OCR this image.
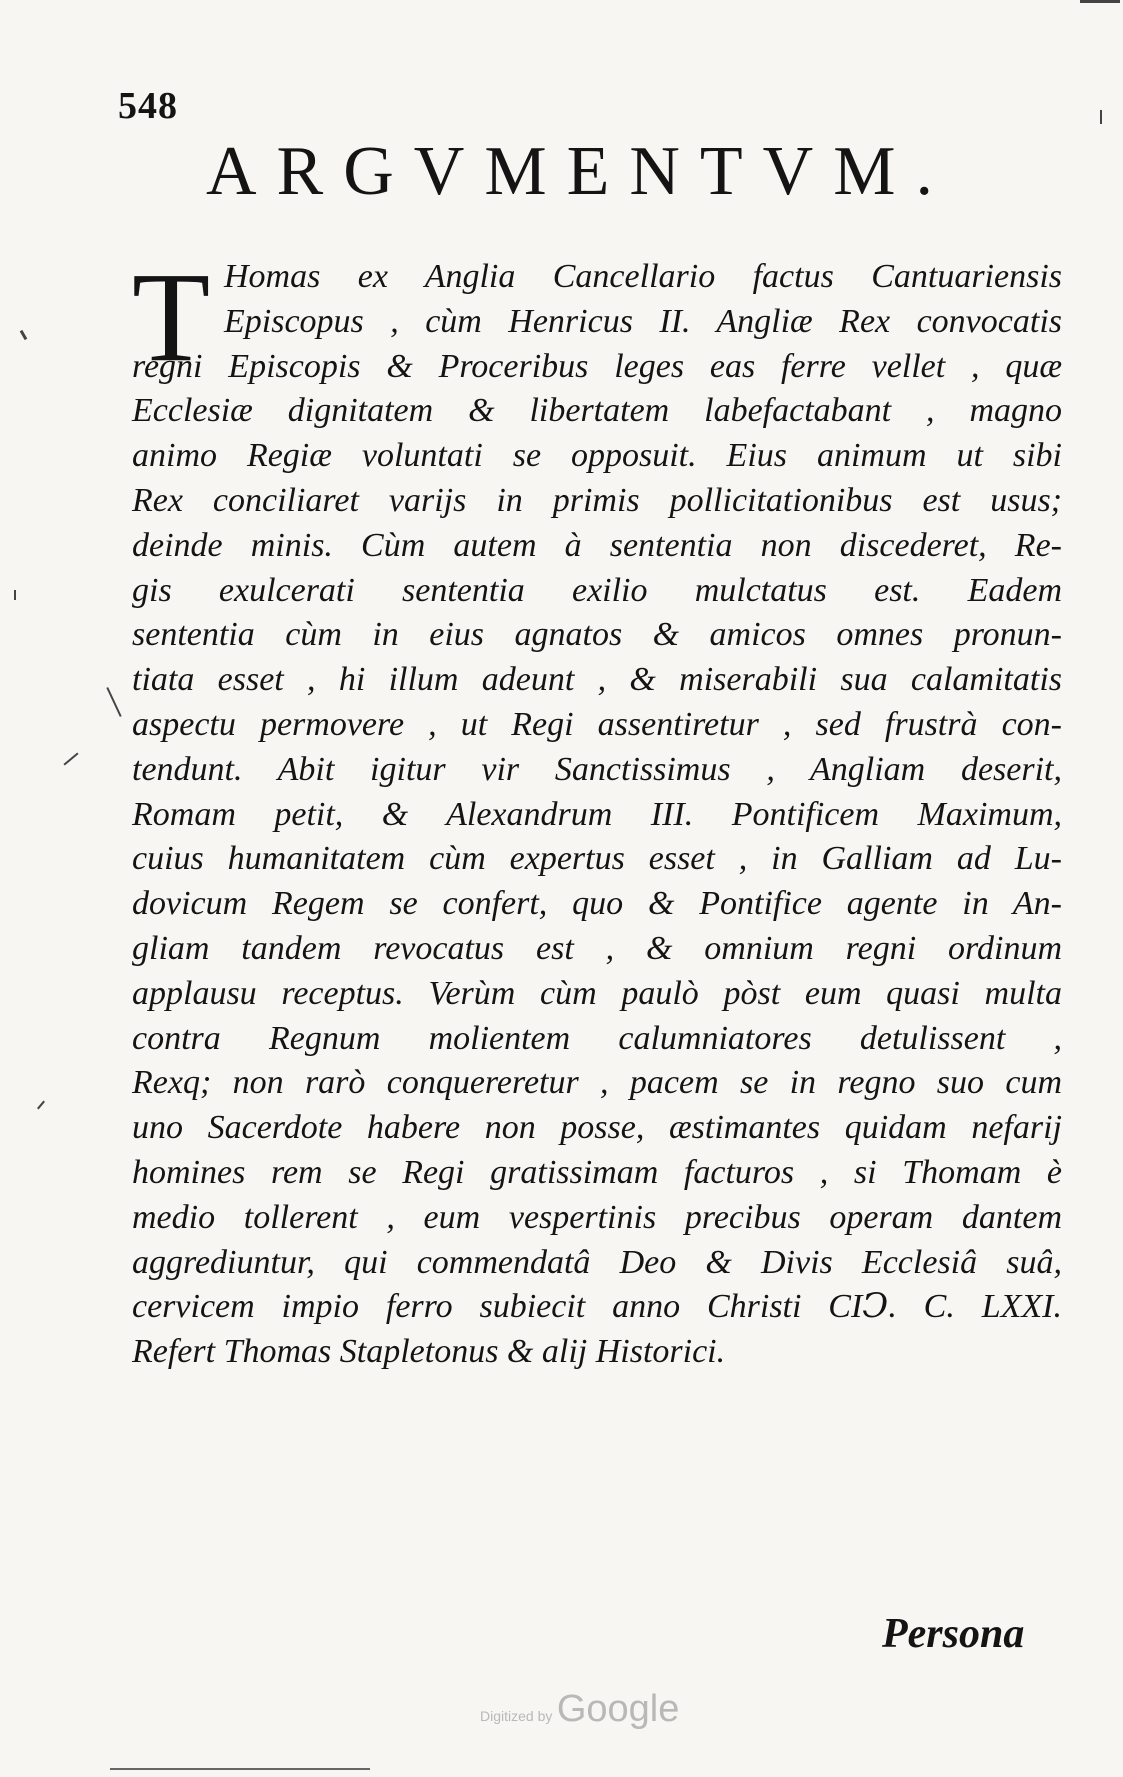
548
ARGVMENTVM.
T Homas ex Anglia Cancellario factus Cantuariensis
Episcopus , cùm Henricus II. Angliæ Rex convocatis
regni Episcopis & Proceribus leges eas ferre vellet , quæ
Ecclesiæ dignitatem & libertatem labefactabant , magno
animo Regiæ voluntati se opposuit. Eius animum ut sibi
Rex conciliaret varijs in primis pollicitationibus est usus;
deinde minis. Cùm autem à sententia non discederet, Re-
gis exulcerati sententia exilio mulctatus est. Eadem
sententia cùm in eius agnatos & amicos omnes pronun-
tiata esset , hi illum adeunt , & miserabili sua calamitatis
aspectu permovere , ut Regi assentiretur , sed frustrà con-
tendunt. Abit igitur vir Sanctissimus , Angliam deserit,
Romam petit, & Alexandrum III. Pontificem Maximum,
cuius humanitatem cùm expertus esset , in Galliam ad Lu-
dovicum Regem se confert, quo & Pontifice agente in An-
gliam tandem revocatus est , & omnium regni ordinum
applausu receptus. Verùm cùm paulò pòst eum quasi multa
contra Regnum molientem calumniatores detulissent ,
Rexq; non rarò conquereretur , pacem se in regno suo cum
uno Sacerdote habere non posse, æstimantes quidam nefarij
homines rem se Regi gratissimam facturos , si Thomam è
medio tollerent , eum vespertinis precibus operam dantem
aggrediuntur, qui commendatâ Deo & Divis Ecclesiâ suâ,
cervicem impio ferro subiecit anno Christi CIↃ. C. LXXI.
Refert Thomas Stapletonus & alij Historici.
Persona
Digitized by Google
